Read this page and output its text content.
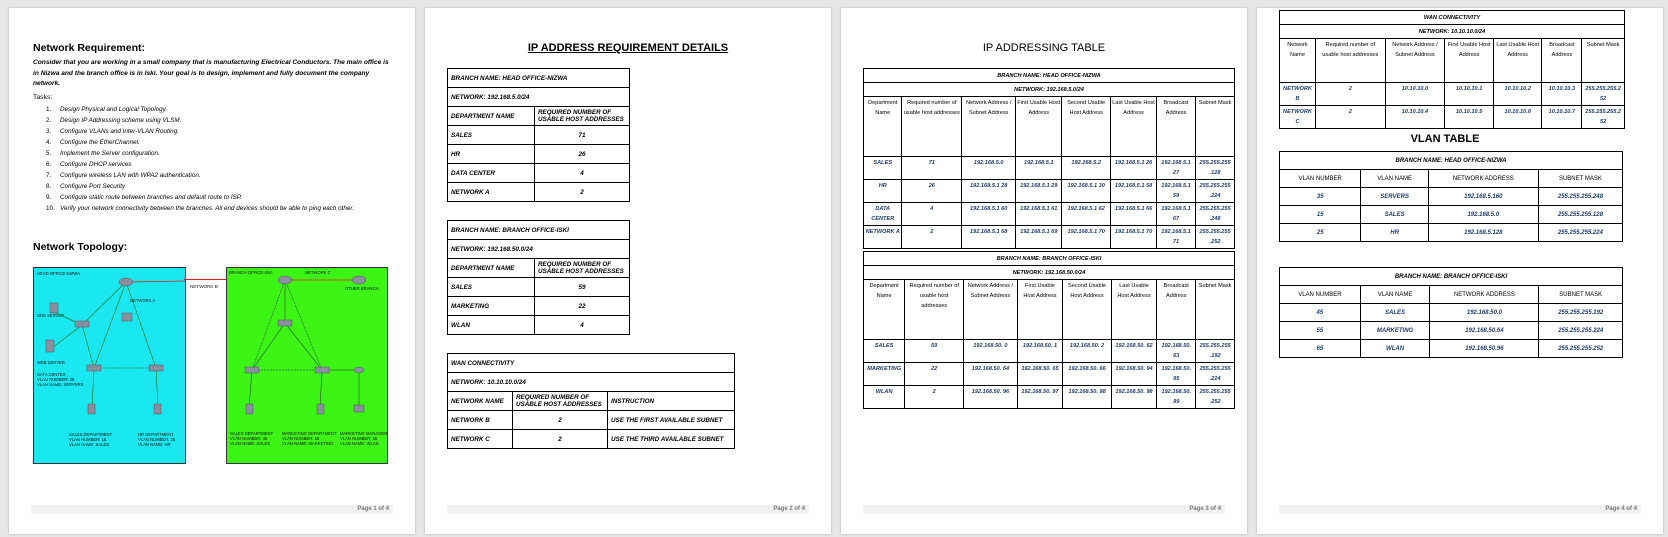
Network Requirement:
Consider that you are working in a small company that is manufacturing Electrical Conductors. The main office is in Nizwa and the branch office is in Iski. Your goal is to design, implement and fully document the company network.
Tasks:
1. Design Physical and Logical Topology.
2. Design IP Addressing scheme using VLSM.
3. Configure VLANs and Inter-VLAN Routing.
4. Configure the EtherChannel.
5. Implement the Server configuration.
6. Configure DHCP services
7. Configure wireless LAN with WPA2 authentication.
8. Configure Port Security
9. Configure static route between branches and default route to ISP.
10. Verify your network connectivity between the branches. All end devices should be able to ping each other.
Network Topology:
HEAD OFFICE-NIZWA
NETWORK A
DNS SERVER
WEB SERVER
DATA CENTER
VLAN NUMBER: 35
VLAN NAME: SERVERS
SALES DEPARTMENT
VLAN NUMBER: 15
VLAN NAME: SALES
HR DEPARTMENT
VLAN NUMBER: 25
VLAN NAME: HR
NETWORK B
BRANCH OFFICE-ISKI	NETWORK C
OTHER BRANCH
SALES DEPARTMENT
VLAN NUMBER: 45
VLAN NAME: SALES
MARKETING DEPARTMENT
VLAN NUMBER: 55
VLAN NAME: MARKETING
MARKETING MANAGER
VLAN NUMBER: 65
VLAN NAME: WLAN
Page 1 of 4
IP ADDRESS REQUIREMENT DETAILS
BRANCH NAME: HEAD OFFICE-NIZWA	
NETWORK: 192.168.5.0/24	
DEPARTMENT NAME	REQUIRED NUMBER OF USABLE HOST ADDRESSES
SALES	71
HR	26
DATA CENTER	4
NETWORK A	2
BRANCH NAME: BRANCH OFFICE-ISKI	
NETWORK: 192.168.50.0/24	
DEPARTMENT NAME	REQUIRED NUMBER OF USABLE HOST ADDRESSES
SALES	59
MARKETING	22
WLAN	4
WAN CONNECTIVITY		
NETWORK: 10.10.10.0/24		
NETWORK NAME	REQUIRED NUMBER OF USABLE HOST ADDRESSES	INSTRUCTION
NETWORK B	2	USE THE FIRST AVAILABLE SUBNET
NETWORK C	2	USE THE THIRD AVAILABLE SUBNET
Page 2 of 4
IP ADDRESSING TABLE
BRANCH NAME: HEAD OFFICE-NIZWA							
NETWORK: 192.168.5.0/24							
Department Name	Required number of usable host addresses	Network Address / Subnet Address	First Usable Host Address	Second Usable Host Address	Last Usable Host Address	Broadcast Address	Subnet Mask
SALES	71	192.168.5.0	192.168.5.1	192.168.5.2	192.168.5.1 26	192.168.5.1 27	255.255.255 .128
HR	26	192.168.5.1 28	192.168.5.1 29	192.168.5.1 30	192.168.5.1 58	192.168.5.1 59	255.255.255 .224
DATA CENTER	4	192.168.5.1 60	192.168.5.1 61	192.168.5.1 62	192.168.5.1 66	192.168.5.1 67	255.255.255 .248
NETWORK A	2	192.168.5.1 68	192.168.5.1 69	192.168.5.1 70	192.168.5.1 70	192.168.5.1 71	255.255.255 .252
BRANCH NAME: BRANCH OFFICE-ISKI							
NETWORK: 192.168.50.0/24							
Department Name	Required number of usable host addresses	Network Address / Subnet Address	First Usable Host Address	Second Usable Host Address	Last Usable Host Address	Broadcast Address	Subnet Mask
SALES	59	192.168.50. 0	192.168.50. 1	192.168.50. 2	192.168.50. 62	192.168.50. 63	255.255.255 .192
MARKETING	22	192.168.50. 64	192.168.50. 65	192.168.50. 66	192.168.50. 94	192.168.50. 95	255.255.255 .224
WLAN	2	192.168.50. 96	192.168.50. 97	192.168.50. 98	192.168.50. 98	192.168.50. 99	255.255.255 .252
Page 3 of 4
WAN CONNECTIVITY						
NETWORK: 10.10.10.0/24						
Network Name	Required number of usable host addresses	Network Address / Subnet Address	First Usable Host Address	Last Usable Host Address	Broadcast Address	Subnet Mask
NETWORK B	2	10.10.10.0	10.10.10.1	10.10.10.2	10.10.10.3	255.255.255.2 52
NETWORK C	2	10.10.10.4	10.10.10.5	10.10.10.6	10.10.10.7	255.255.255.2 52
VLAN TABLE
BRANCH NAME: HEAD OFFICE-NIZWA			
VLAN NUMBER	VLAN NAME	NETWORK ADDRESS	SUBNET MASK
35	SERVERS	192.168.5.160	255.255.255.248
15	SALES	192.168.5.0	255.255.255.128
25	HR	192.168.5.128	255.255.255.224
BRANCH NAME: BRANCH OFFICE-ISKI			
VLAN NUMBER	VLAN NAME	NETWORK ADDRESS	SUBNET MASK
45	SALES	192.168.50.0	255.255.255.192
55	MARKETING	192.168.50.64	255.255.255.224
65	WLAN	192.168.50.96	255.255.255.252
Page 4 of 4
